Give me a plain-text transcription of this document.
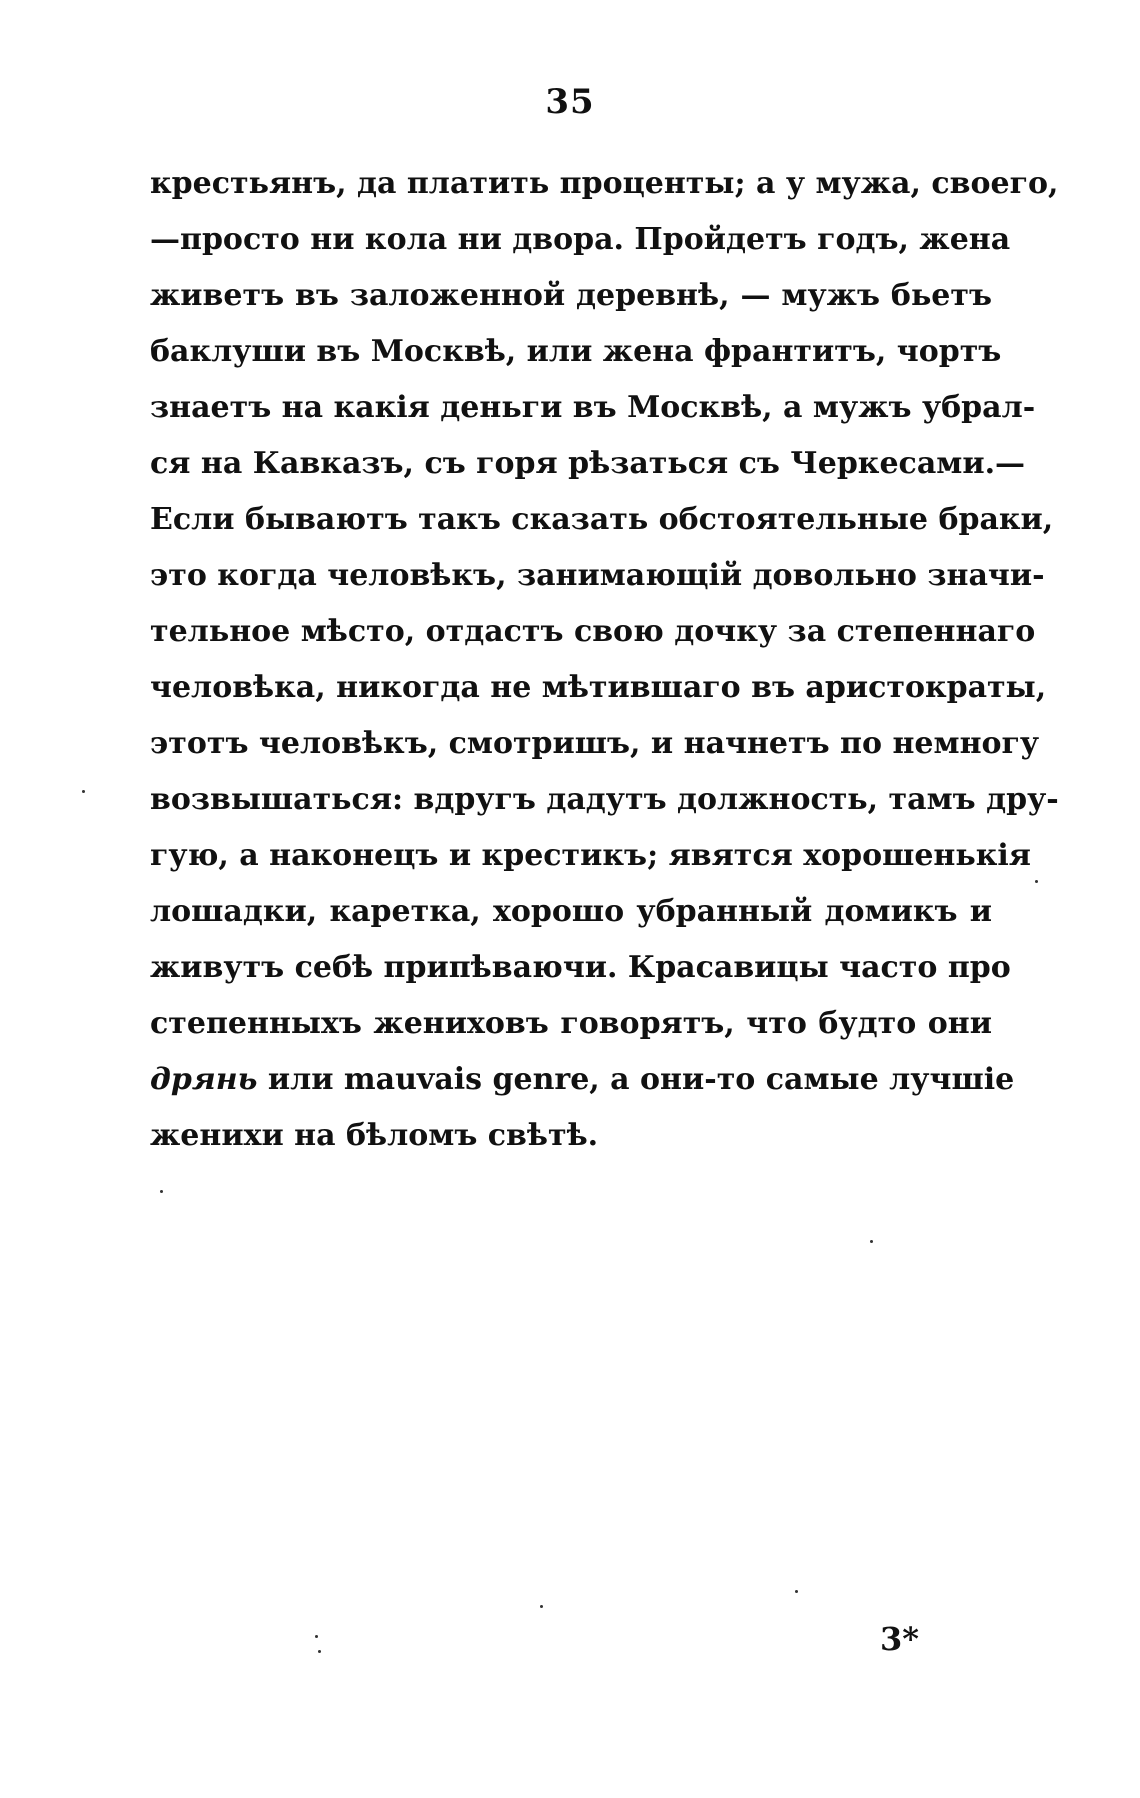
35
крестьянъ, да платить проценты; а у мужа, своего,
—просто ни кола ни двора. Пройдетъ годъ, жена
живетъ въ заложенной деревнѣ, — мужъ бьетъ
баклуши въ Москвѣ, или жена франтитъ, чортъ
знаетъ на какія деньги въ Москвѣ, а мужъ убрал-
ся на Кавказъ, съ горя рѣзаться съ Черкесами.—
Если бываютъ такъ сказать обстоятельные браки,
это когда человѣкъ, занимающій довольно значи-
тельное мѣсто, отдастъ свою дочку за степеннаго
человѣка, никогда не мѣтившаго въ аристократы,
этотъ человѣкъ, смотришъ, и начнетъ по немногу
возвышаться: вдругъ дадутъ должность, тамъ дру-
гую, а наконецъ и крестикъ; явятся хорошенькія
лошадки, каретка, хорошо убранный домикъ и
живутъ себѣ припѣваючи. Красавицы часто про
степенныхъ жениховъ говорятъ, что будто они
дрянь или mauvais genre, а они-то самые лучшіе
женихи на бѣломъ свѣтѣ.
3*
